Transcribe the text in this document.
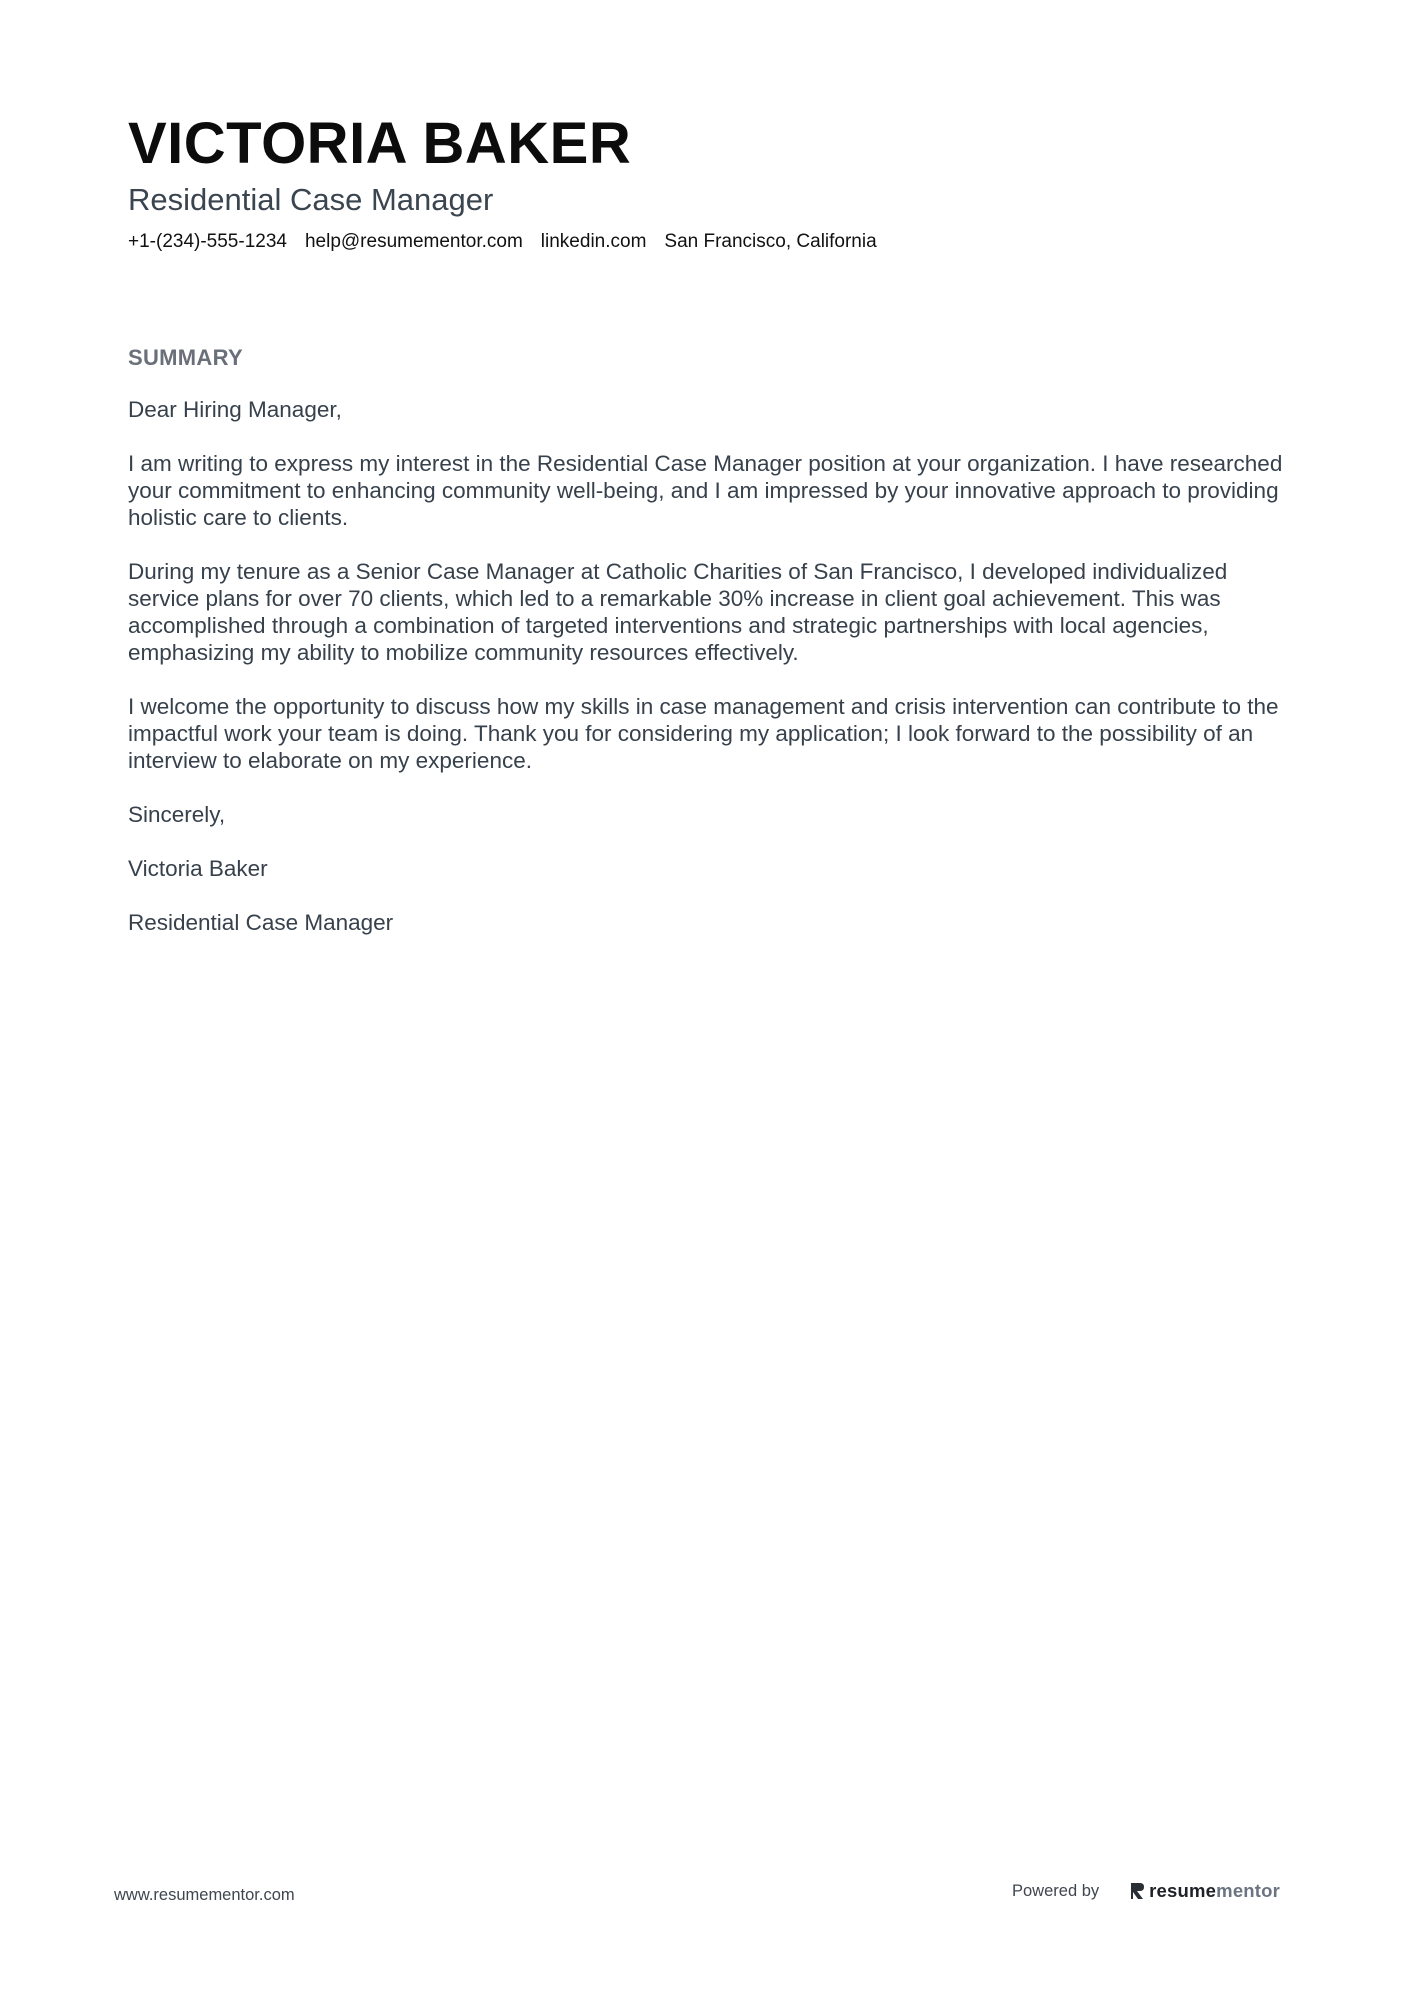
VICTORIA BAKER
Residential Case Manager
+1-(234)-555-1234 help@resumementor.com linkedin.com San Francisco, California
SUMMARY

Dear Hiring Manager,

I am writing to express my interest in the Residential Case Manager position at your organization. I have researched your commitment to enhancing community well-being, and I am impressed by your innovative approach to providing holistic care to clients.

During my tenure as a Senior Case Manager at Catholic Charities of San Francisco, I developed individualized service plans for over 70 clients, which led to a remarkable 30% increase in client goal achievement. This was accomplished through a combination of targeted interventions and strategic partnerships with local agencies, emphasizing my ability to mobilize community resources effectively.

I welcome the opportunity to discuss how my skills in case management and crisis intervention can contribute to the impactful work your team is doing. Thank you for considering my application; I look forward to the possibility of an interview to elaborate on my experience.

Sincerely,

Victoria Baker

Residential Case Manager

www.resumementor.com	Powered by	resume mentor
